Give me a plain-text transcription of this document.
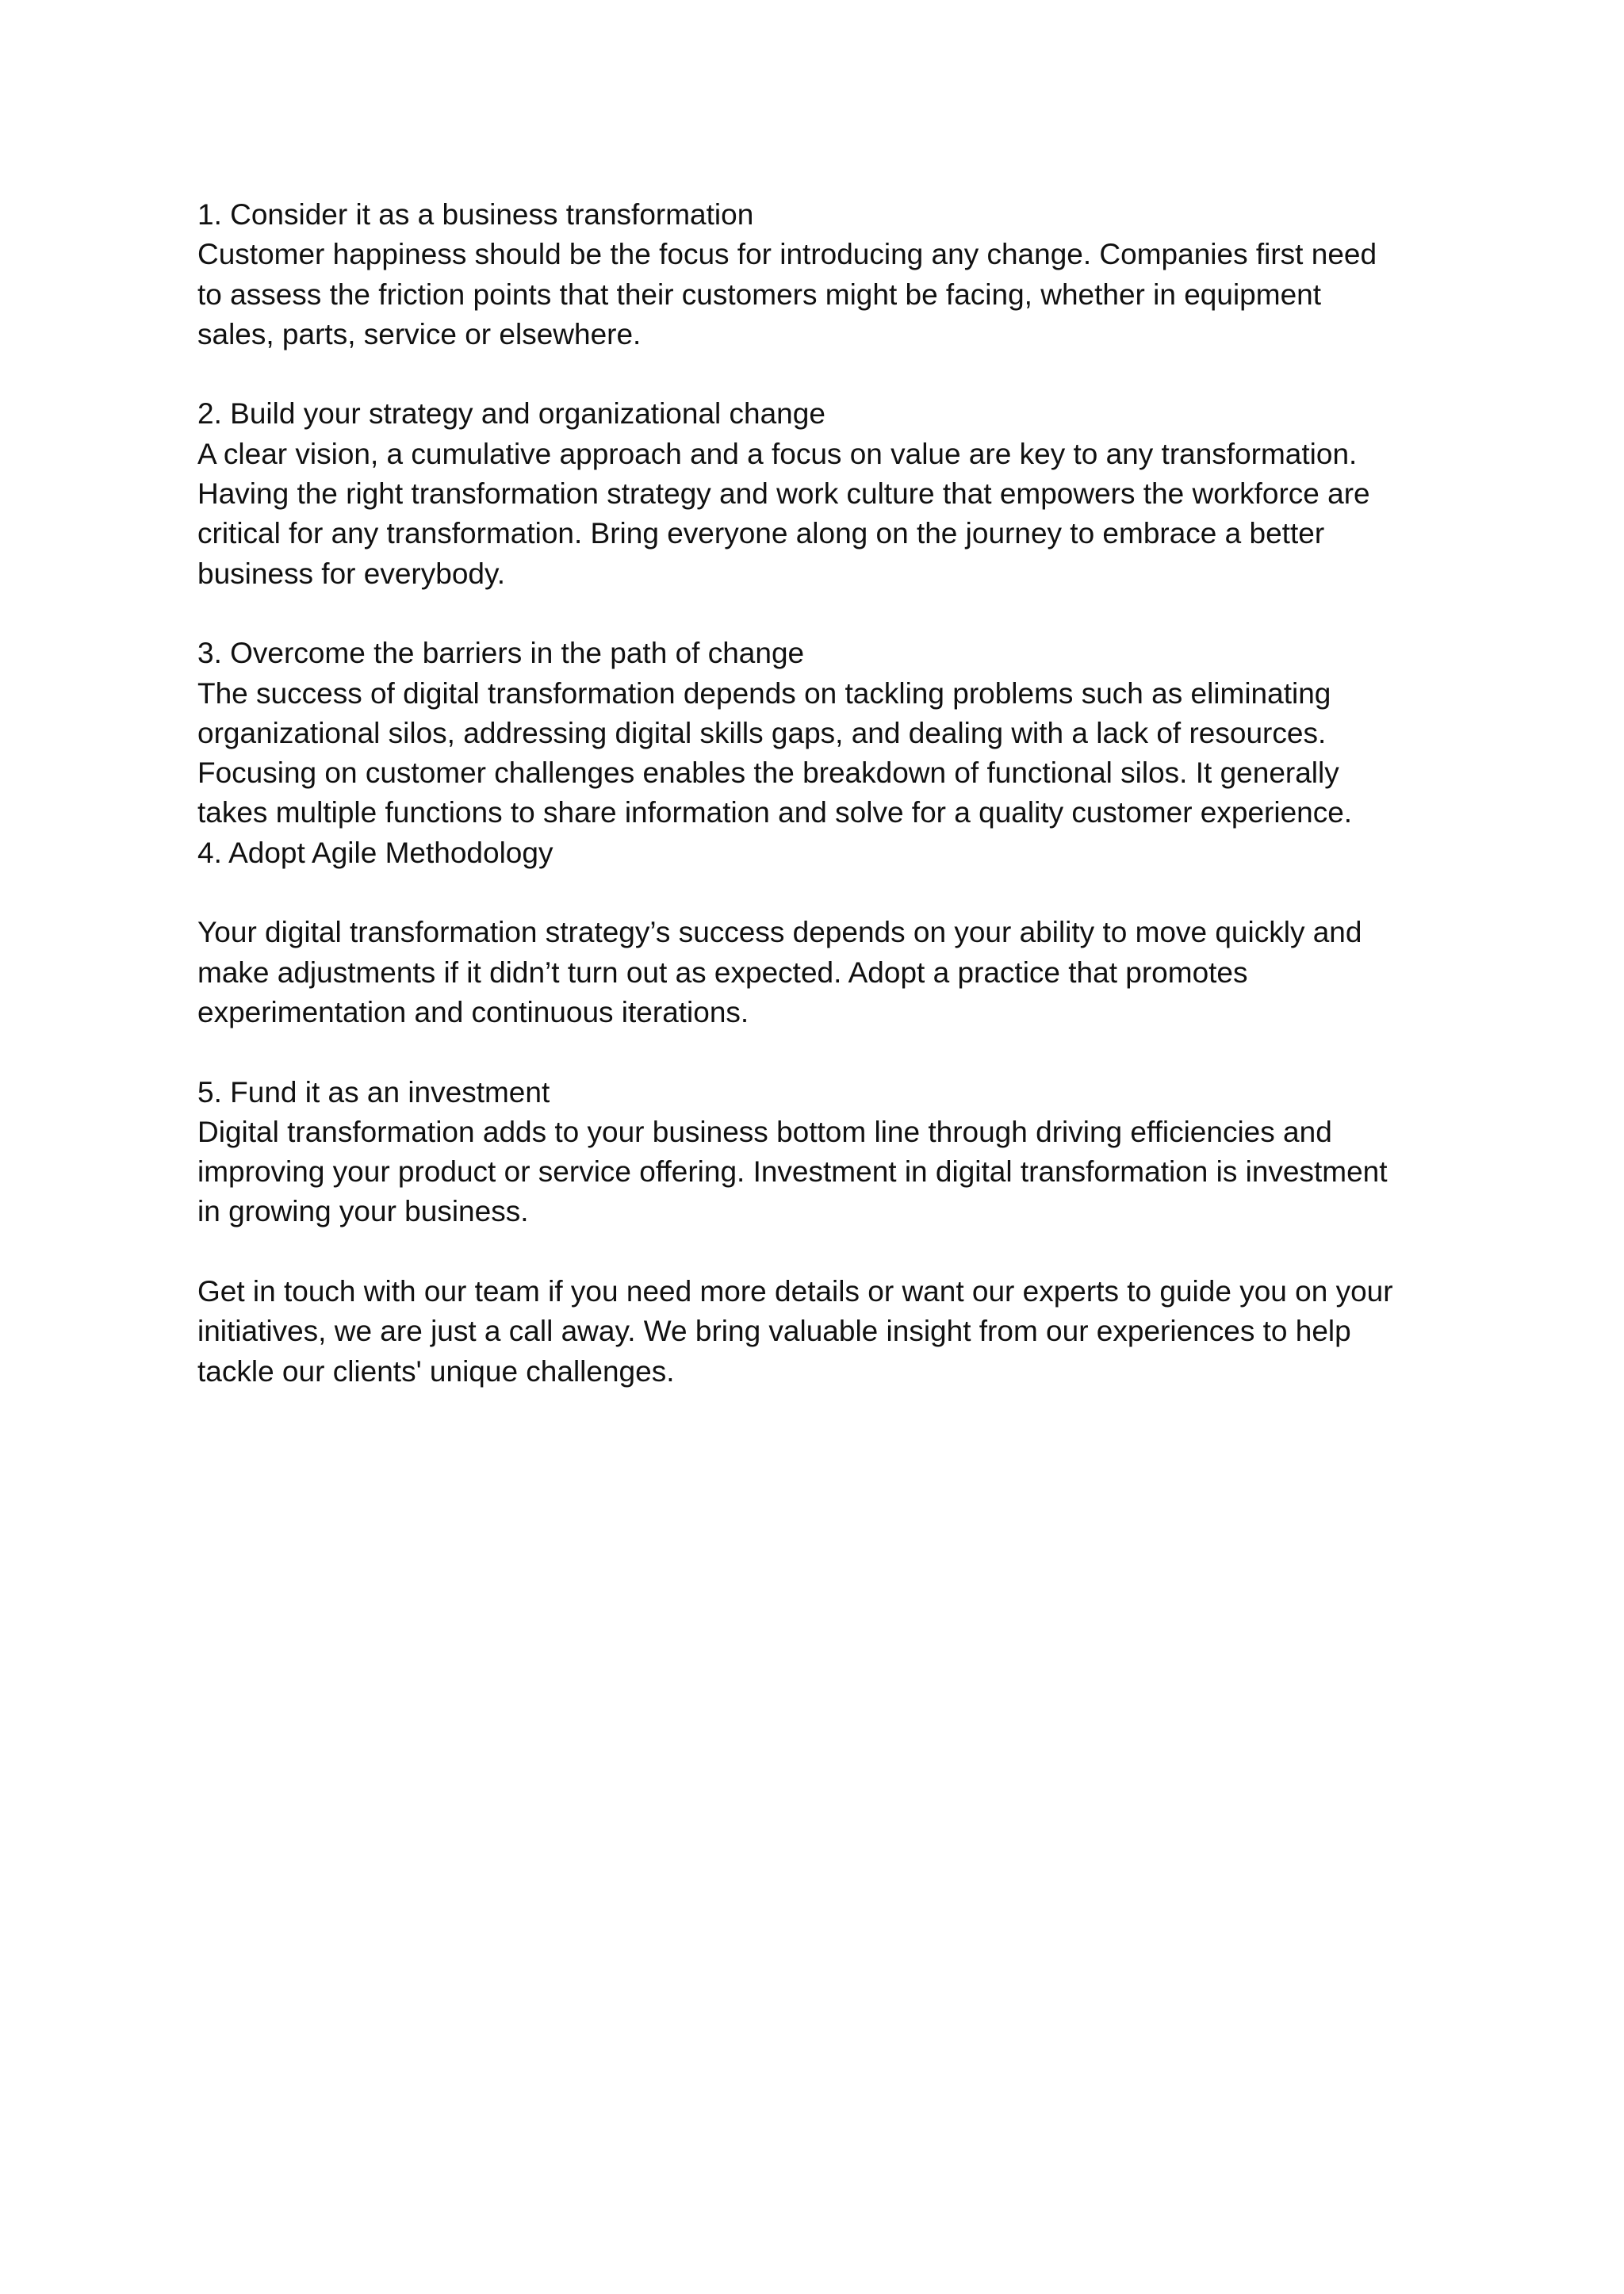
1. Consider it as a business transformation
Customer happiness should be the focus for introducing any change. Companies first need
to assess the friction points that their customers might be facing, whether in equipment
sales, parts, service or elsewhere.
2. Build your strategy and organizational change
A clear vision, a cumulative approach and a focus on value are key to any transformation.
Having the right transformation strategy and work culture that empowers the workforce are
critical for any transformation. Bring everyone along on the journey to embrace a better
business for everybody.
3. Overcome the barriers in the path of change
The success of digital transformation depends on tackling problems such as eliminating
organizational silos, addressing digital skills gaps, and dealing with a lack of resources.
Focusing on customer challenges enables the breakdown of functional silos. It generally
takes multiple functions to share information and solve for a quality customer experience.
4. Adopt Agile Methodology
Your digital transformation strategy’s success depends on your ability to move quickly and
make adjustments if it didn’t turn out as expected. Adopt a practice that promotes
experimentation and continuous iterations.
5. Fund it as an investment
Digital transformation adds to your business bottom line through driving efficiencies and
improving your product or service offering. Investment in digital transformation is investment
in growing your business.
Get in touch with our team if you need more details or want our experts to guide you on your
initiatives, we are just a call away. We bring valuable insight from our experiences to help
tackle our clients' unique challenges.
